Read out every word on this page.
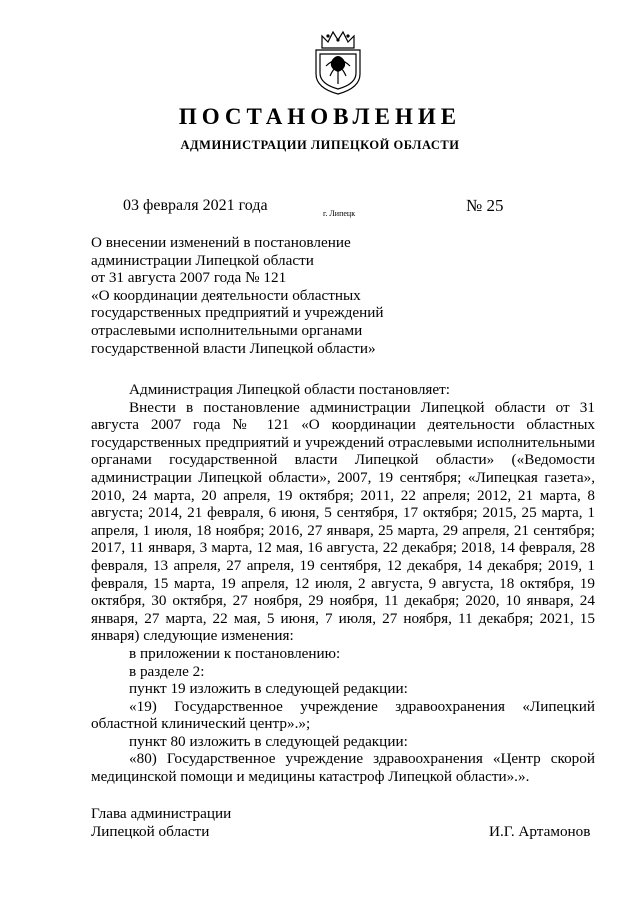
ПОСТАНОВЛЕНИЕ
АДМИНИСТРАЦИИ ЛИПЕЦКОЙ ОБЛАСТИ
03 февраля 2021 года	г. Липецк	№ 25
О внесении изменений в постановление
администрации Липецкой области
от 31 августа 2007 года № 121
«О координации деятельности областных
государственных предприятий и учреждений
отраслевыми исполнительными органами
государственной власти Липецкой области»
Администрация Липецкой области постановляет:
Внести в постановление администрации Липецкой области от 31 августа 2007 года № 121 «О координации деятельности областных государственных предприятий и учреждений отраслевыми исполнительными органами государственной власти Липецкой области» («Ведомости администрации Липецкой области», 2007, 19 сентября; «Липецкая газета», 2010, 24 марта, 20 апреля, 19 октября; 2011, 22 апреля; 2012, 21 марта, 8 августа; 2014, 21 февраля, 6 июня, 5 сентября, 17 октября; 2015, 25 марта, 1 апреля, 1 июля, 18 ноября; 2016, 27 января, 25 марта, 29 апреля, 21 сентября; 2017, 11 января, 3 марта, 12 мая, 16 августа, 22 декабря; 2018, 14 февраля, 28 февраля, 13 апреля, 27 апреля, 19 сентября, 12 декабря, 14 декабря; 2019, 1 февраля, 15 марта, 19 апреля, 12 июля, 2 августа, 9 августа, 18 октября, 19 октября, 30 октября, 27 ноября, 29 ноября, 11 декабря; 2020, 10 января, 24 января, 27 марта, 22 мая, 5 июня, 7 июля, 27 ноября, 11 декабря; 2021, 15 января) следующие изменения:
в приложении к постановлению:
в разделе 2:
пункт 19 изложить в следующей редакции:
«19) Государственное учреждение здравоохранения «Липецкий областной клинический центр».»;
пункт 80 изложить в следующей редакции:
«80) Государственное учреждение здравоохранения «Центр скорой медицинской помощи и медицины катастроф Липецкой области».».
Глава администрации
Липецкой области	И.Г. Артамонов
